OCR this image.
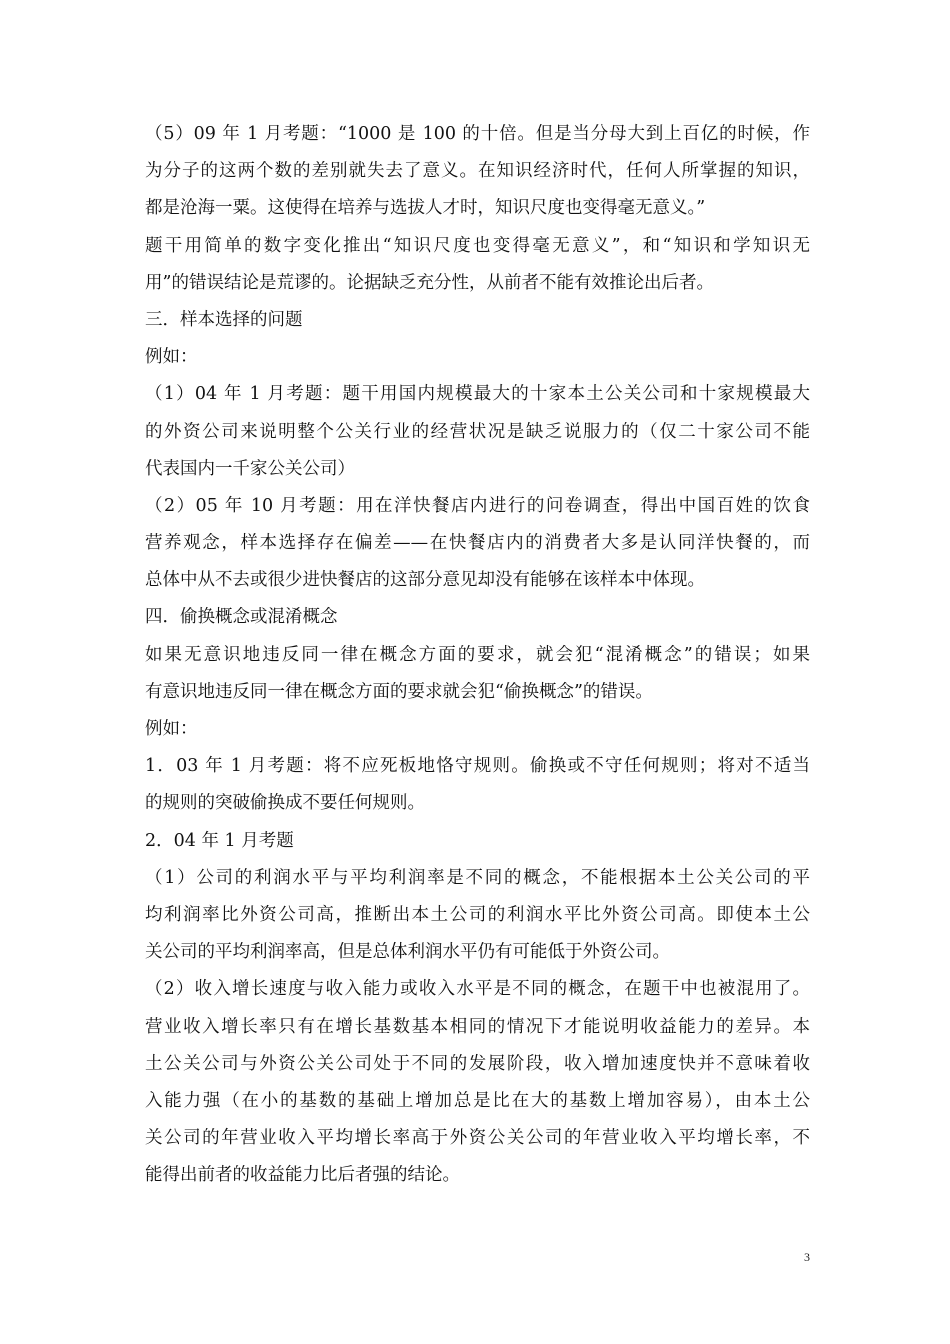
（5）09 年 1 月考题：“1000 是 100 的十倍。但是当分母大到上百亿的时候，作
为分子的这两个数的差别就失去了意义。在知识经济时代，任何人所掌握的知识，
都是沧海一粟。这使得在培养与选拔人才时，知识尺度也变得毫无意义。”
题干用简单的数字变化推出“知识尺度也变得毫无意义”，和“知识和学知识无
用”的错误结论是荒谬的。论据缺乏充分性，从前者不能有效推论出后者。
三．样本选择的问题
例如：
（1）04 年 1 月考题：题干用国内规模最大的十家本土公关公司和十家规模最大
的外资公司来说明整个公关行业的经营状况是缺乏说服力的（仅二十家公司不能
代表国内一千家公关公司）
（2）05 年 10 月考题：用在洋快餐店内进行的问卷调查，得出中国百姓的饮食
营养观念，样本选择存在偏差——在快餐店内的消费者大多是认同洋快餐的，而
总体中从不去或很少进快餐店的这部分意见却没有能够在该样本中体现。
四．偷换概念或混淆概念
如果无意识地违反同一律在概念方面的要求，就会犯“混淆概念”的错误；如果
有意识地违反同一律在概念方面的要求就会犯“偷换概念”的错误。
例如：
1．03 年 1 月考题：将不应死板地恪守规则。偷换或不守任何规则；将对不适当
的规则的突破偷换成不要任何规则。
2．04 年 1 月考题
（1）公司的利润水平与平均利润率是不同的概念，不能根据本土公关公司的平
均利润率比外资公司高，推断出本土公司的利润水平比外资公司高。即使本土公
关公司的平均利润率高，但是总体利润水平仍有可能低于外资公司。
（2）收入增长速度与收入能力或收入水平是不同的概念，在题干中也被混用了。
营业收入增长率只有在增长基数基本相同的情况下才能说明收益能力的差异。本
土公关公司与外资公关公司处于不同的发展阶段，收入增加速度快并不意味着收
入能力强（在小的基数的基础上增加总是比在大的基数上增加容易），由本土公
关公司的年营业收入平均增长率高于外资公关公司的年营业收入平均增长率，不
能得出前者的收益能力比后者强的结论。
3
